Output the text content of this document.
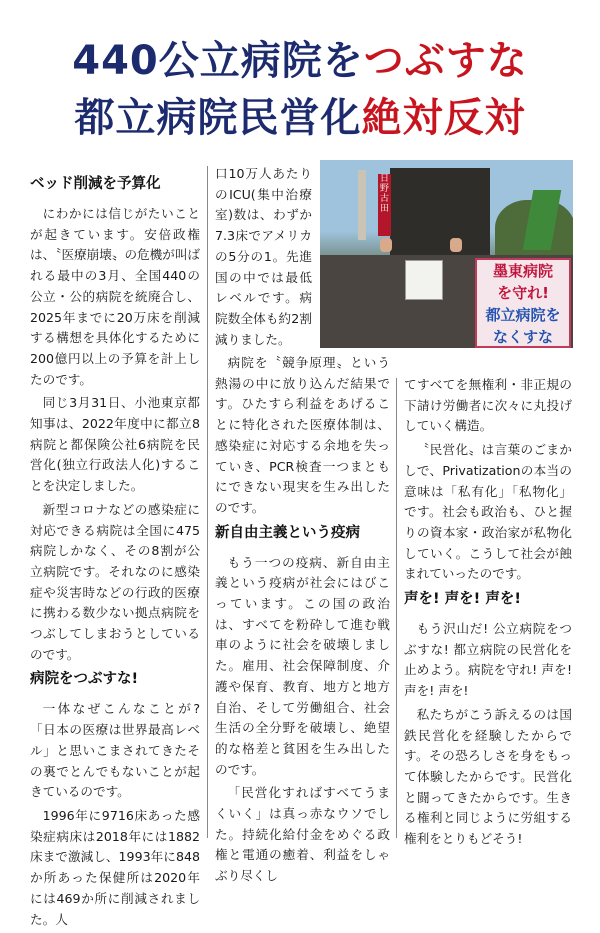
440公立病院をつぶすな
都立病院民営化絶対反対
ベッド削減を予算化

にわかには信じがたいことが起きています。安倍政権は、〝医療崩壊〟の危機が叫ばれる最中の3月、全国440の公立・公的病院を統廃合し、2025年までに20万床を削減する構想を具体化するために200億円以上の予算を計上したのです。

同じ3月31日、小池東京都知事は、2022年度中に都立8病院と都保険公社6病院を民営化(独立行政法人化)することを決定しました。

新型コロナなどの感染症に対応できる病院は全国に475病院しかなく、その8割が公立病院です。それなのに感染症や災害時などの行政的医療に携わる数少ない拠点病院をつぶしてしまおうとしているのです。

病院をつぶすな!

一体なぜこんなことが?「日本の医療は世界最高レベル」と思いこまされてきたその裏でとんでもないことが起きているのです。

1996年に9716床あった感染症病床は2018年には1882床まで激減し、1993年に848か所あった保健所は2020年には469か所に削減されました。人

口10万人あたりのICU(集中治療室)数は、わずか7.3床でアメリカの5分の1。先進国の中では最低レベルです。病院数全体も約2割減りました。

日野古田
墨東病院
を守れ!
都立病院を
なくすな

病院を〝競争原理〟という熱湯の中に放り込んだ結果です。ひたすら利益をあげることに特化された医療体制は、感染症に対応する余地を失っていき、PCR検査一つまともにできない現実を生み出したのです。

新自由主義という疫病

もう一つの疫病、新自由主義という疫病が社会にはびこっています。この国の政治は、すべてを粉砕して進む戦車のように社会を破壊しました。雇用、社会保障制度、介護や保育、教育、地方と地方自治、そして労働組合、社会生活の全分野を破壊し、絶望的な格差と貧困を生み出したのです。

「民営化すればすべてうまくいく」は真っ赤なウソでした。持続化給付金をめぐる政権と電通の癒着、利益をしゃぶり尽くし

てすべてを無権利・非正規の下請け労働者に次々に丸投げしていく構造。

〝民営化〟は言葉のごまかしで、Privatizationの本当の意味は「私有化」「私物化」です。社会も政治も、ひと握りの資本家・政治家が私物化していく。こうして社会が蝕まれていったのです。

声を! 声を! 声を!

もう沢山だ! 公立病院をつぶすな! 都立病院の民営化を止めよう。病院を守れ! 声を! 声を! 声を!

私たちがこう訴えるのは国鉄民営化を経験したからです。その恐ろしさを身をもって体験したからです。民営化と闘ってきたからです。生きる権利と同じように労組する権利をとりもどそう!
